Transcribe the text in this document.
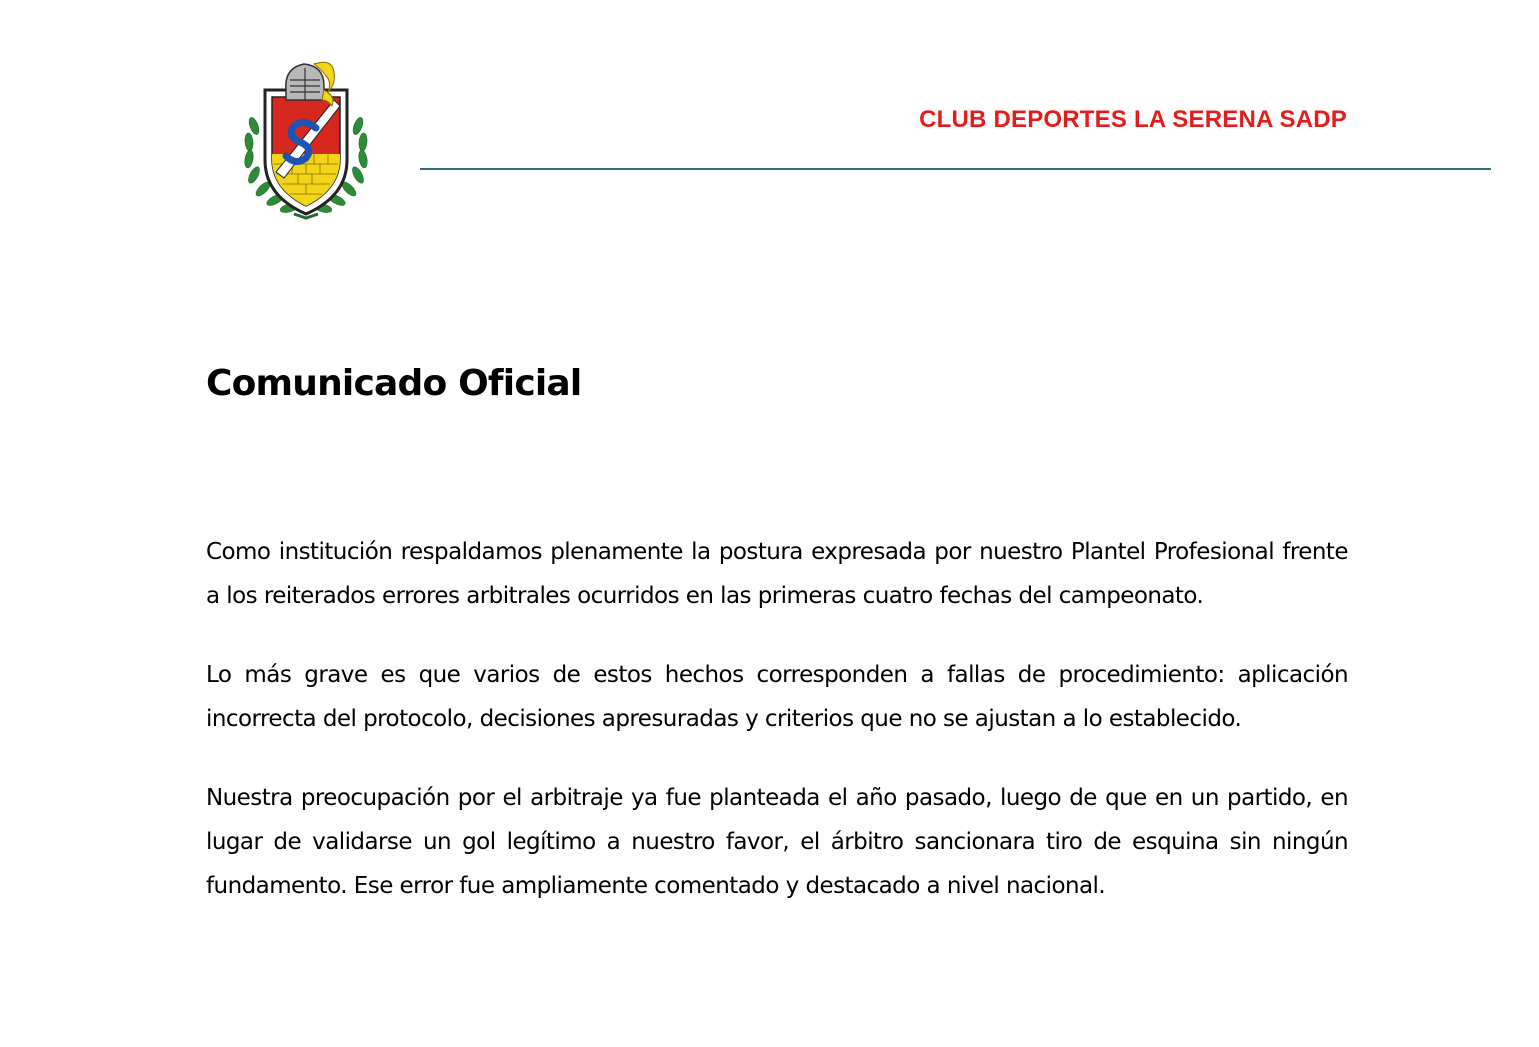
CLUB DEPORTES LA SERENA SADP
Comunicado Oficial

Como institución respaldamos plenamente la postura expresada por nuestro Plantel Profesional frente a los reiterados errores arbitrales ocurridos en las primeras cuatro fechas del campeonato.

Lo más grave es que varios de estos hechos corresponden a fallas de procedimiento: aplicación incorrecta del protocolo, decisiones apresuradas y criterios que no se ajustan a lo establecido.

Nuestra preocupación por el arbitraje ya fue planteada el año pasado, luego de que en un partido, en lugar de validarse un gol legítimo a nuestro favor, el árbitro sancionara tiro de esquina sin ningún fundamento. Ese error fue ampliamente comentado y destacado a nivel nacional.
